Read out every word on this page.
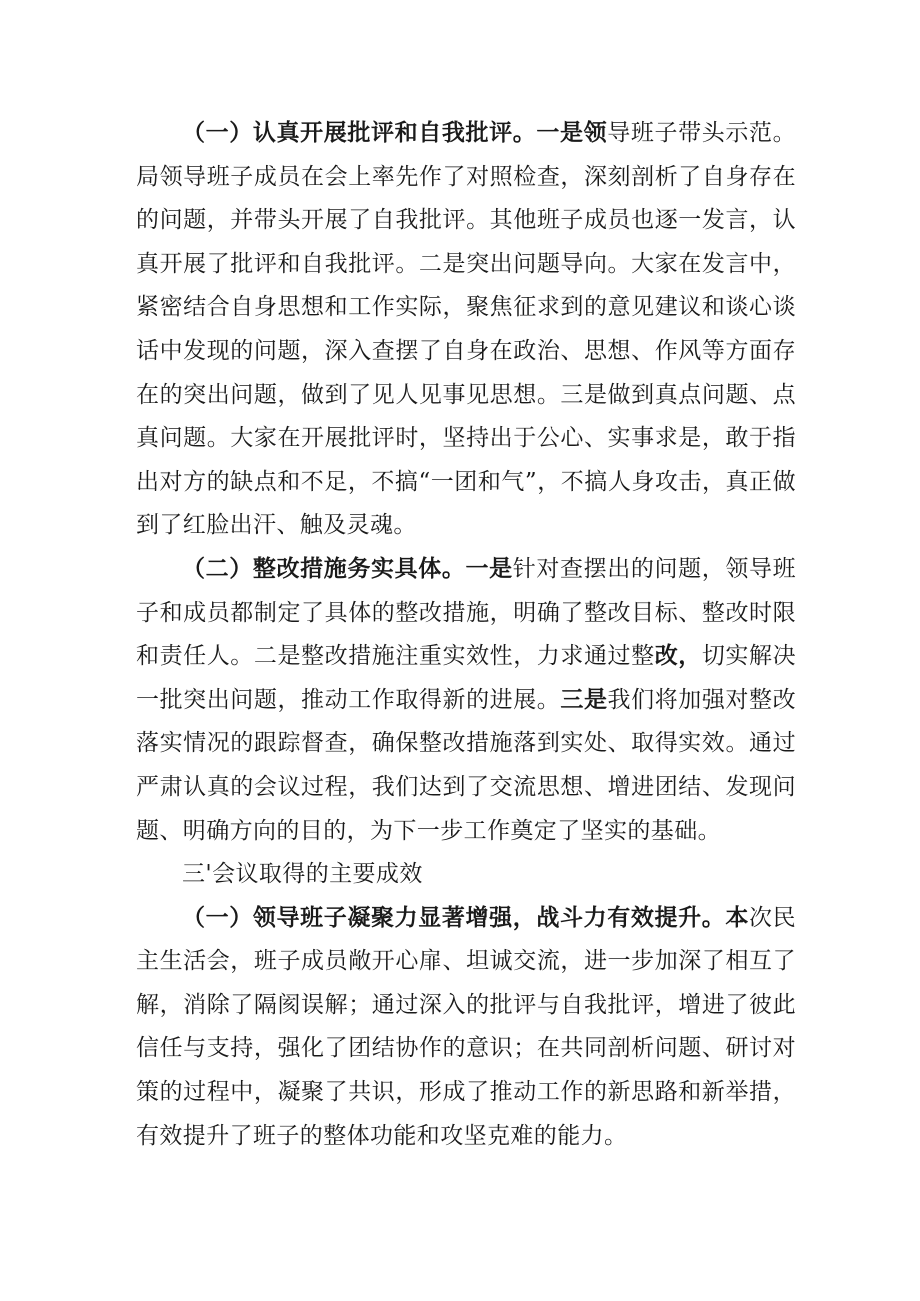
（一）认真开展批评和自我批评。一是领导班子带头示范。局领导班子成员在会上率先作了对照检查，深刻剖析了自身存在的问题，并带头开展了自我批评。其他班子成员也逐一发言，认真开展了批评和自我批评。二是突出问题导向。大家在发言中，紧密结合自身思想和工作实际，聚焦征求到的意见建议和谈心谈话中发现的问题，深入查摆了自身在政治、思想、作风等方面存在的突出问题，做到了见人见事见思想。三是做到真点问题、点真问题。大家在开展批评时，坚持出于公心、实事求是，敢于指出对方的缺点和不足，不搞“一团和气”，不搞人身攻击，真正做到了红脸出汗、触及灵魂。

（二）整改措施务实具体。一是针对查摆出的问题，领导班子和成员都制定了具体的整改措施，明确了整改目标、整改时限和责任人。二是整改措施注重实效性，力求通过整改，切实解决一批突出问题，推动工作取得新的进展。三是我们将加强对整改落实情况的跟踪督查，确保整改措施落到实处、取得实效。通过严肃认真的会议过程，我们达到了交流思想、增进团结、发现问题、明确方向的目的，为下一步工作奠定了坚实的基础。

三'会议取得的主要成效

（一）领导班子凝聚力显著增强，战斗力有效提升。本次民主生活会，班子成员敞开心扉、坦诚交流，进一步加深了相互了解，消除了隔阂误解；通过深入的批评与自我批评，增进了彼此信任与支持，强化了团结协作的意识；在共同剖析问题、研讨对策的过程中，凝聚了共识，形成了推动工作的新思路和新举措，有效提升了班子的整体功能和攻坚克难的能力。
